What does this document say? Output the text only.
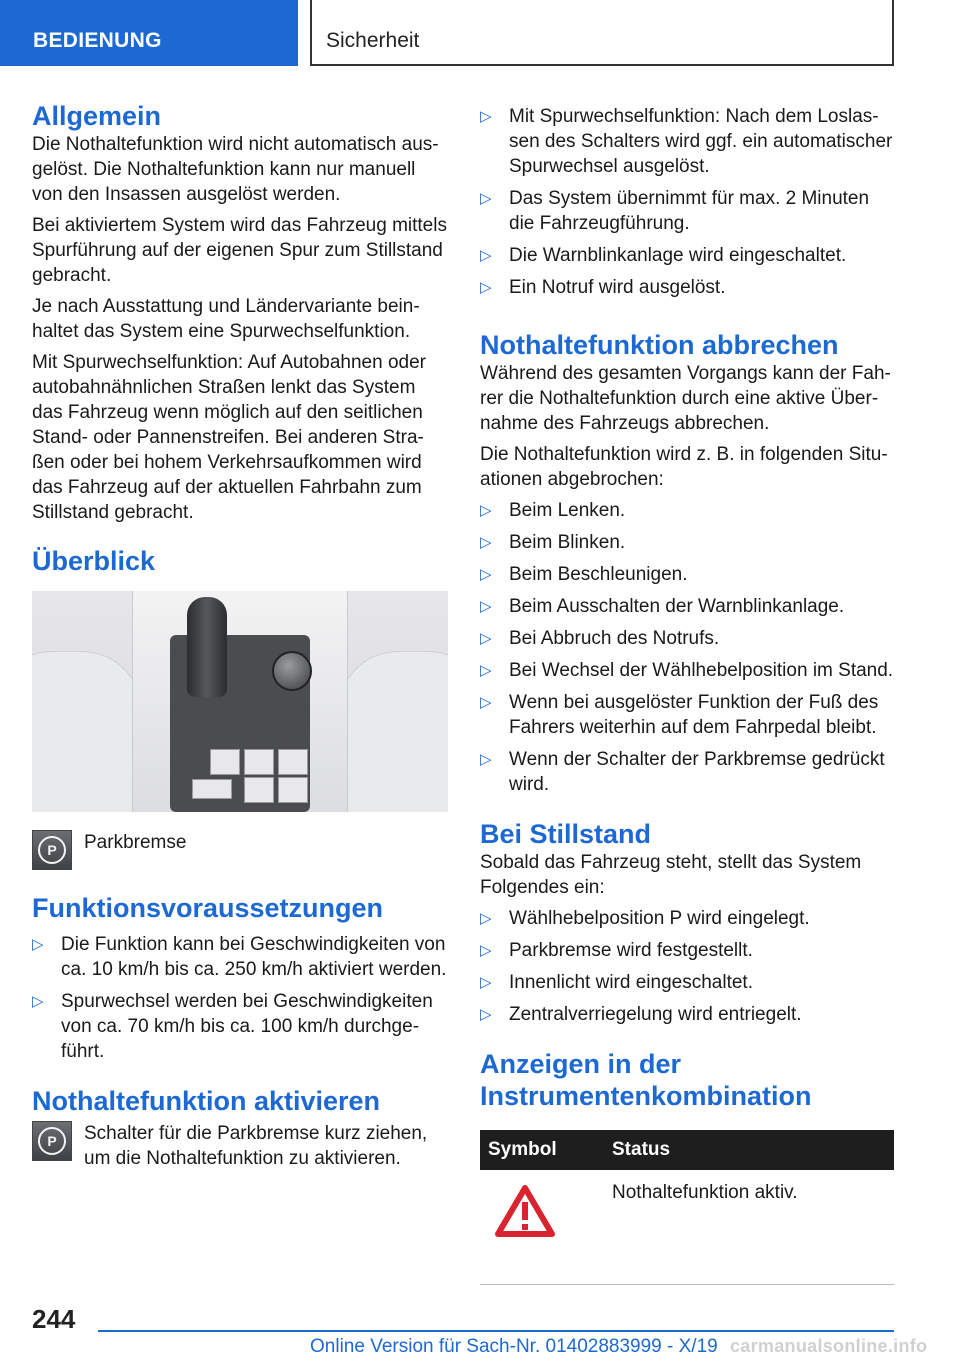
BEDIENUNG	Sicherheit
Allgemein

Die Nothaltefunktion wird nicht automatisch ausgelöst. Die Nothaltefunktion kann nur manuell von den Insassen ausgelöst werden.

Bei aktiviertem System wird das Fahrzeug mittels Spurführung auf der eigenen Spur zum Stillstand gebracht.

Je nach Ausstattung und Ländervariante beinhaltet das System eine Spurwechselfunktion.

Mit Spurwechselfunktion: Auf Autobahnen oder autobahnähnlichen Straßen lenkt das System das Fahrzeug wenn möglich auf den seitlichen Stand- oder Pannenstreifen. Bei anderen Straßen oder bei hohem Verkehrsaufkommen wird das Fahrzeug auf der aktuellen Fahrbahn zum Stillstand gebracht.

Überblick
P	Parkbremse
Funktionsvoraussetzungen
▷ Die Funktion kann bei Geschwindigkeiten von ca. 10 km/h bis ca. 250 km/h aktiviert werden.
▷ Spurwechsel werden bei Geschwindigkeiten von ca. 70 km/h bis ca. 100 km/h durchgeführt.
Nothaltefunktion aktivieren
P	Schalter für die Parkbremse kurz ziehen, um die Nothaltefunktion zu aktivieren.
▷ Mit Spurwechselfunktion: Nach dem Loslassen des Schalters wird ggf. ein automatischer Spurwechsel ausgelöst.
▷ Das System übernimmt für max. 2 Minuten die Fahrzeugführung.
▷ Die Warnblinkanlage wird eingeschaltet.
▷ Ein Notruf wird ausgelöst.
Nothaltefunktion abbrechen

Während des gesamten Vorgangs kann der Fahrer die Nothaltefunktion durch eine aktive Übernahme des Fahrzeugs abbrechen.

Die Nothaltefunktion wird z. B. in folgenden Situationen abgebrochen:

▷ Beim Lenken.
▷ Beim Blinken.
▷ Beim Beschleunigen.
▷ Beim Ausschalten der Warnblinkanlage.
▷ Bei Abbruch des Notrufs.
▷ Bei Wechsel der Wählhebelposition im Stand.
▷ Wenn bei ausgelöster Funktion der Fuß des Fahrers weiterhin auf dem Fahrpedal bleibt.
▷ Wenn der Schalter der Parkbremse gedrückt wird.
Bei Stillstand

Sobald das Fahrzeug steht, stellt das System Folgendes ein:

▷ Wählhebelposition P wird eingelegt.
▷ Parkbremse wird festgestellt.
▷ Innenlicht wird eingeschaltet.
▷ Zentralverriegelung wird entriegelt.
Anzeigen in der Instrumentenkombination
Symbol	Status
	Nothaltefunktion aktiv.
244
Online Version für Sach-Nr. 01402883999 - X/19 carmanualsonline.info
